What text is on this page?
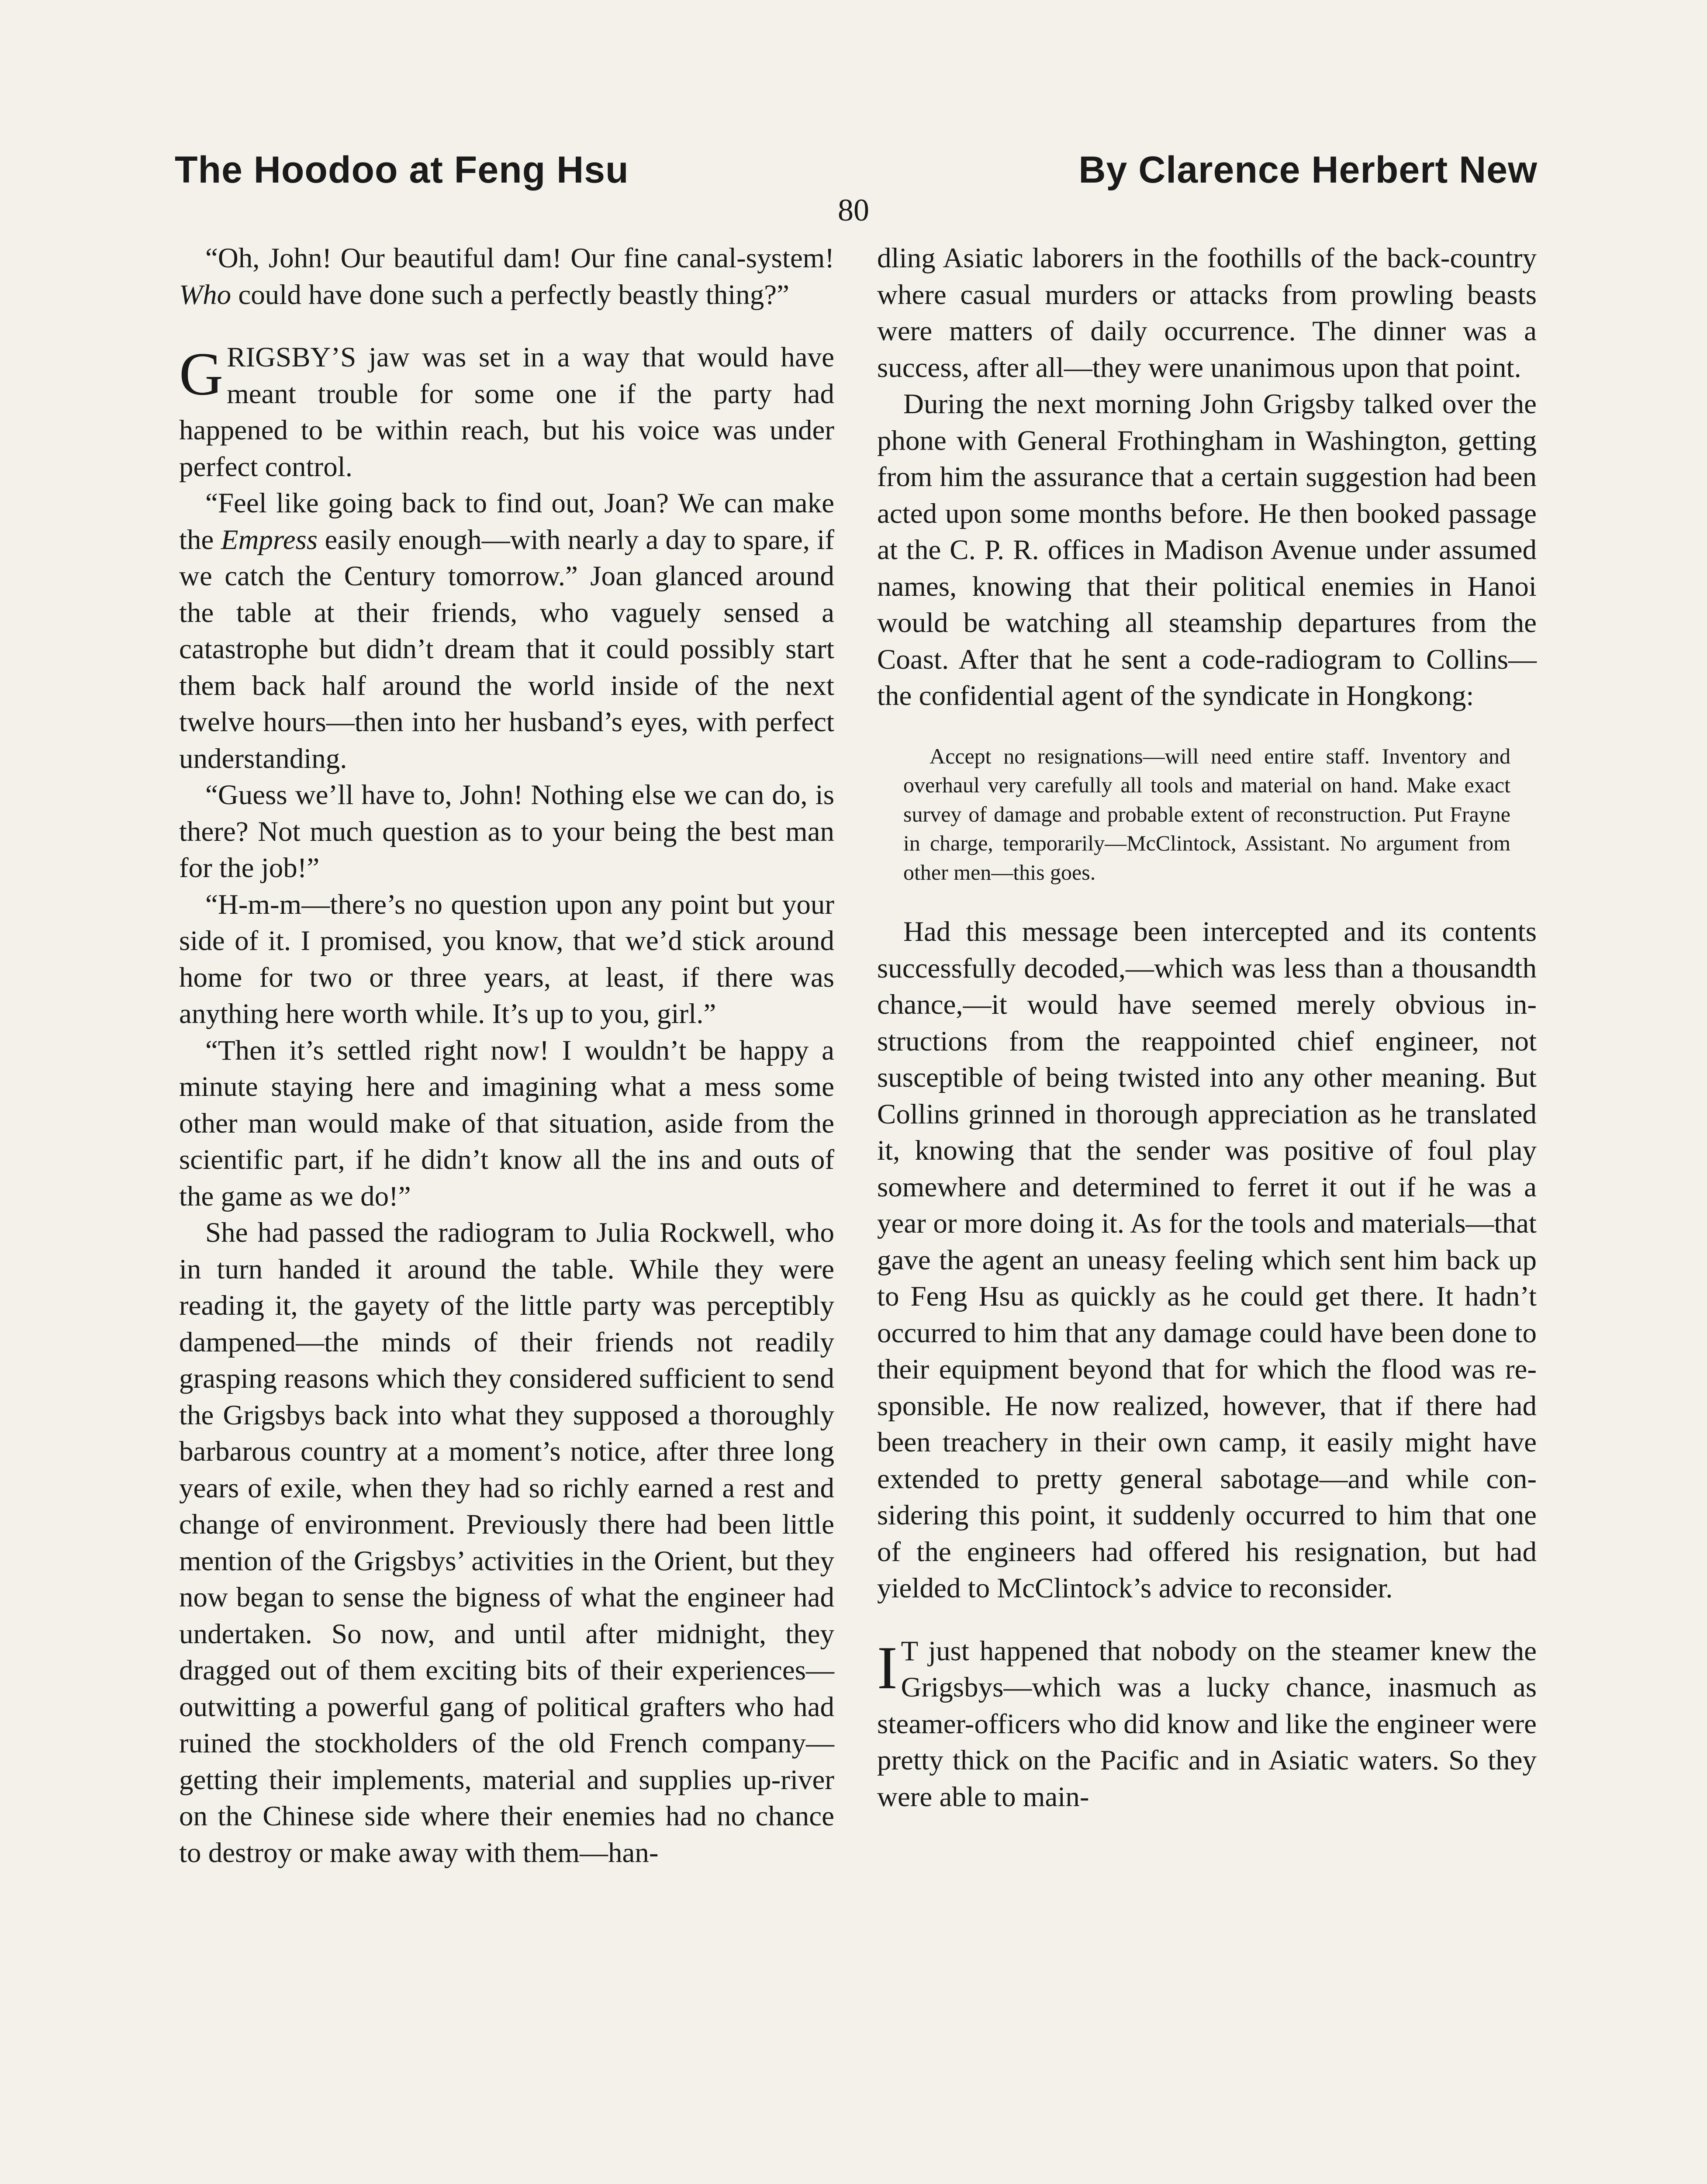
The Hoodoo at Feng Hsu	By Clarence Herbert New
80

“Oh, John! Our beautiful dam! Our fine canal-system! Who could have done such a perfectly beastly thing?”

GRIGSBY’S jaw was set in a way that would have meant trouble for some one if the party had happened to be within reach, but his voice was under perfect control.

“Feel like going back to find out, Joan? We can make the Empress easily enough—with nearly a day to spare, if we catch the Century tomorrow.” Joan glanced around the table at their friends, who vaguely sensed a catastrophe but didn’t dream that it could possibly start them back half around the world inside of the next twelve hours—then into her husband’s eyes, with perfect understanding.

“Guess we’ll have to, John! Nothing else we can do, is there? Not much question as to your being the best man for the job!”

“H-m-m—there’s no question upon any point but your side of it. I promised, you know, that we’d stick around home for two or three years, at least, if there was anything here worth while. It’s up to you, girl.”

“Then it’s settled right now! I wouldn’t be happy a minute staying here and imagining what a mess some other man would make of that situation, aside from the scientific part, if he didn’t know all the ins and outs of the game as we do!”

She had passed the radiogram to Julia Rockwell, who in turn handed it around the table. While they were reading it, the gayety of the little party was perceptibly dampened—the minds of their friends not readily grasping reasons which they considered sufficient to send the Grigsbys back into what they supposed a thoroughly barbarous country at a moment’s notice, after three long years of exile, when they had so richly earned a rest and change of environment. Previously there had been little mention of the Grigsbys’ activities in the Orient, but they now began to sense the bigness of what the engineer had undertaken. So now, and until after midnight, they dragged out of them exciting bits of their experiences—outwitting a powerful gang of political grafters who had ruined the stockholders of the old French company—getting their implements, material and supplies up-river on the Chinese side where their enemies had no chance to destroy or make away with them—han-

dling Asiatic laborers in the foothills of the back-country where casual murders or attacks from prowling beasts were matters of daily occurrence. The dinner was a success, after all—they were unanimous upon that point.

During the next morning John Grigsby talked over the phone with General Frothingham in Washington, getting from him the assurance that a certain suggestion had been acted upon some months before. He then booked passage at the C. P. R. offices in Madison Avenue under assumed names, knowing that their political enemies in Hanoi would be watching all steamship departures from the Coast. After that he sent a code-radiogram to Collins—the confidential agent of the syndicate in Hongkong:

Accept no resignations—will need entire staff. Inventory and overhaul very carefully all tools and material on hand. Make exact survey of damage and probable extent of reconstruction. Put Frayne in charge, temporarily—McClintock, Assistant. No argument from other men—this goes.

Had this message been intercepted and its contents successfully decoded,—which was less than a thousandth chance,—it would have seemed merely obvious instructions from the reappointed chief engineer, not susceptible of being twisted into any other meaning. But Collins grinned in thorough appreciation as he translated it, knowing that the sender was positive of foul play somewhere and determined to ferret it out if he was a year or more doing it. As for the tools and materials—that gave the agent an uneasy feeling which sent him back up to Feng Hsu as quickly as he could get there. It hadn’t occurred to him that any damage could have been done to their equipment beyond that for which the flood was responsible. He now realized, however, that if there had been treachery in their own camp, it easily might have extended to pretty general sabotage—and while considering this point, it suddenly occurred to him that one of the engineers had offered his resignation, but had yielded to McClintock’s advice to reconsider.

I T just happened that nobody on the steamer knew the Grigsbys—which was a lucky chance, inasmuch as steamer-officers who did know and like the engineer were pretty thick on the Pacific and in Asiatic waters. So they were able to main-
